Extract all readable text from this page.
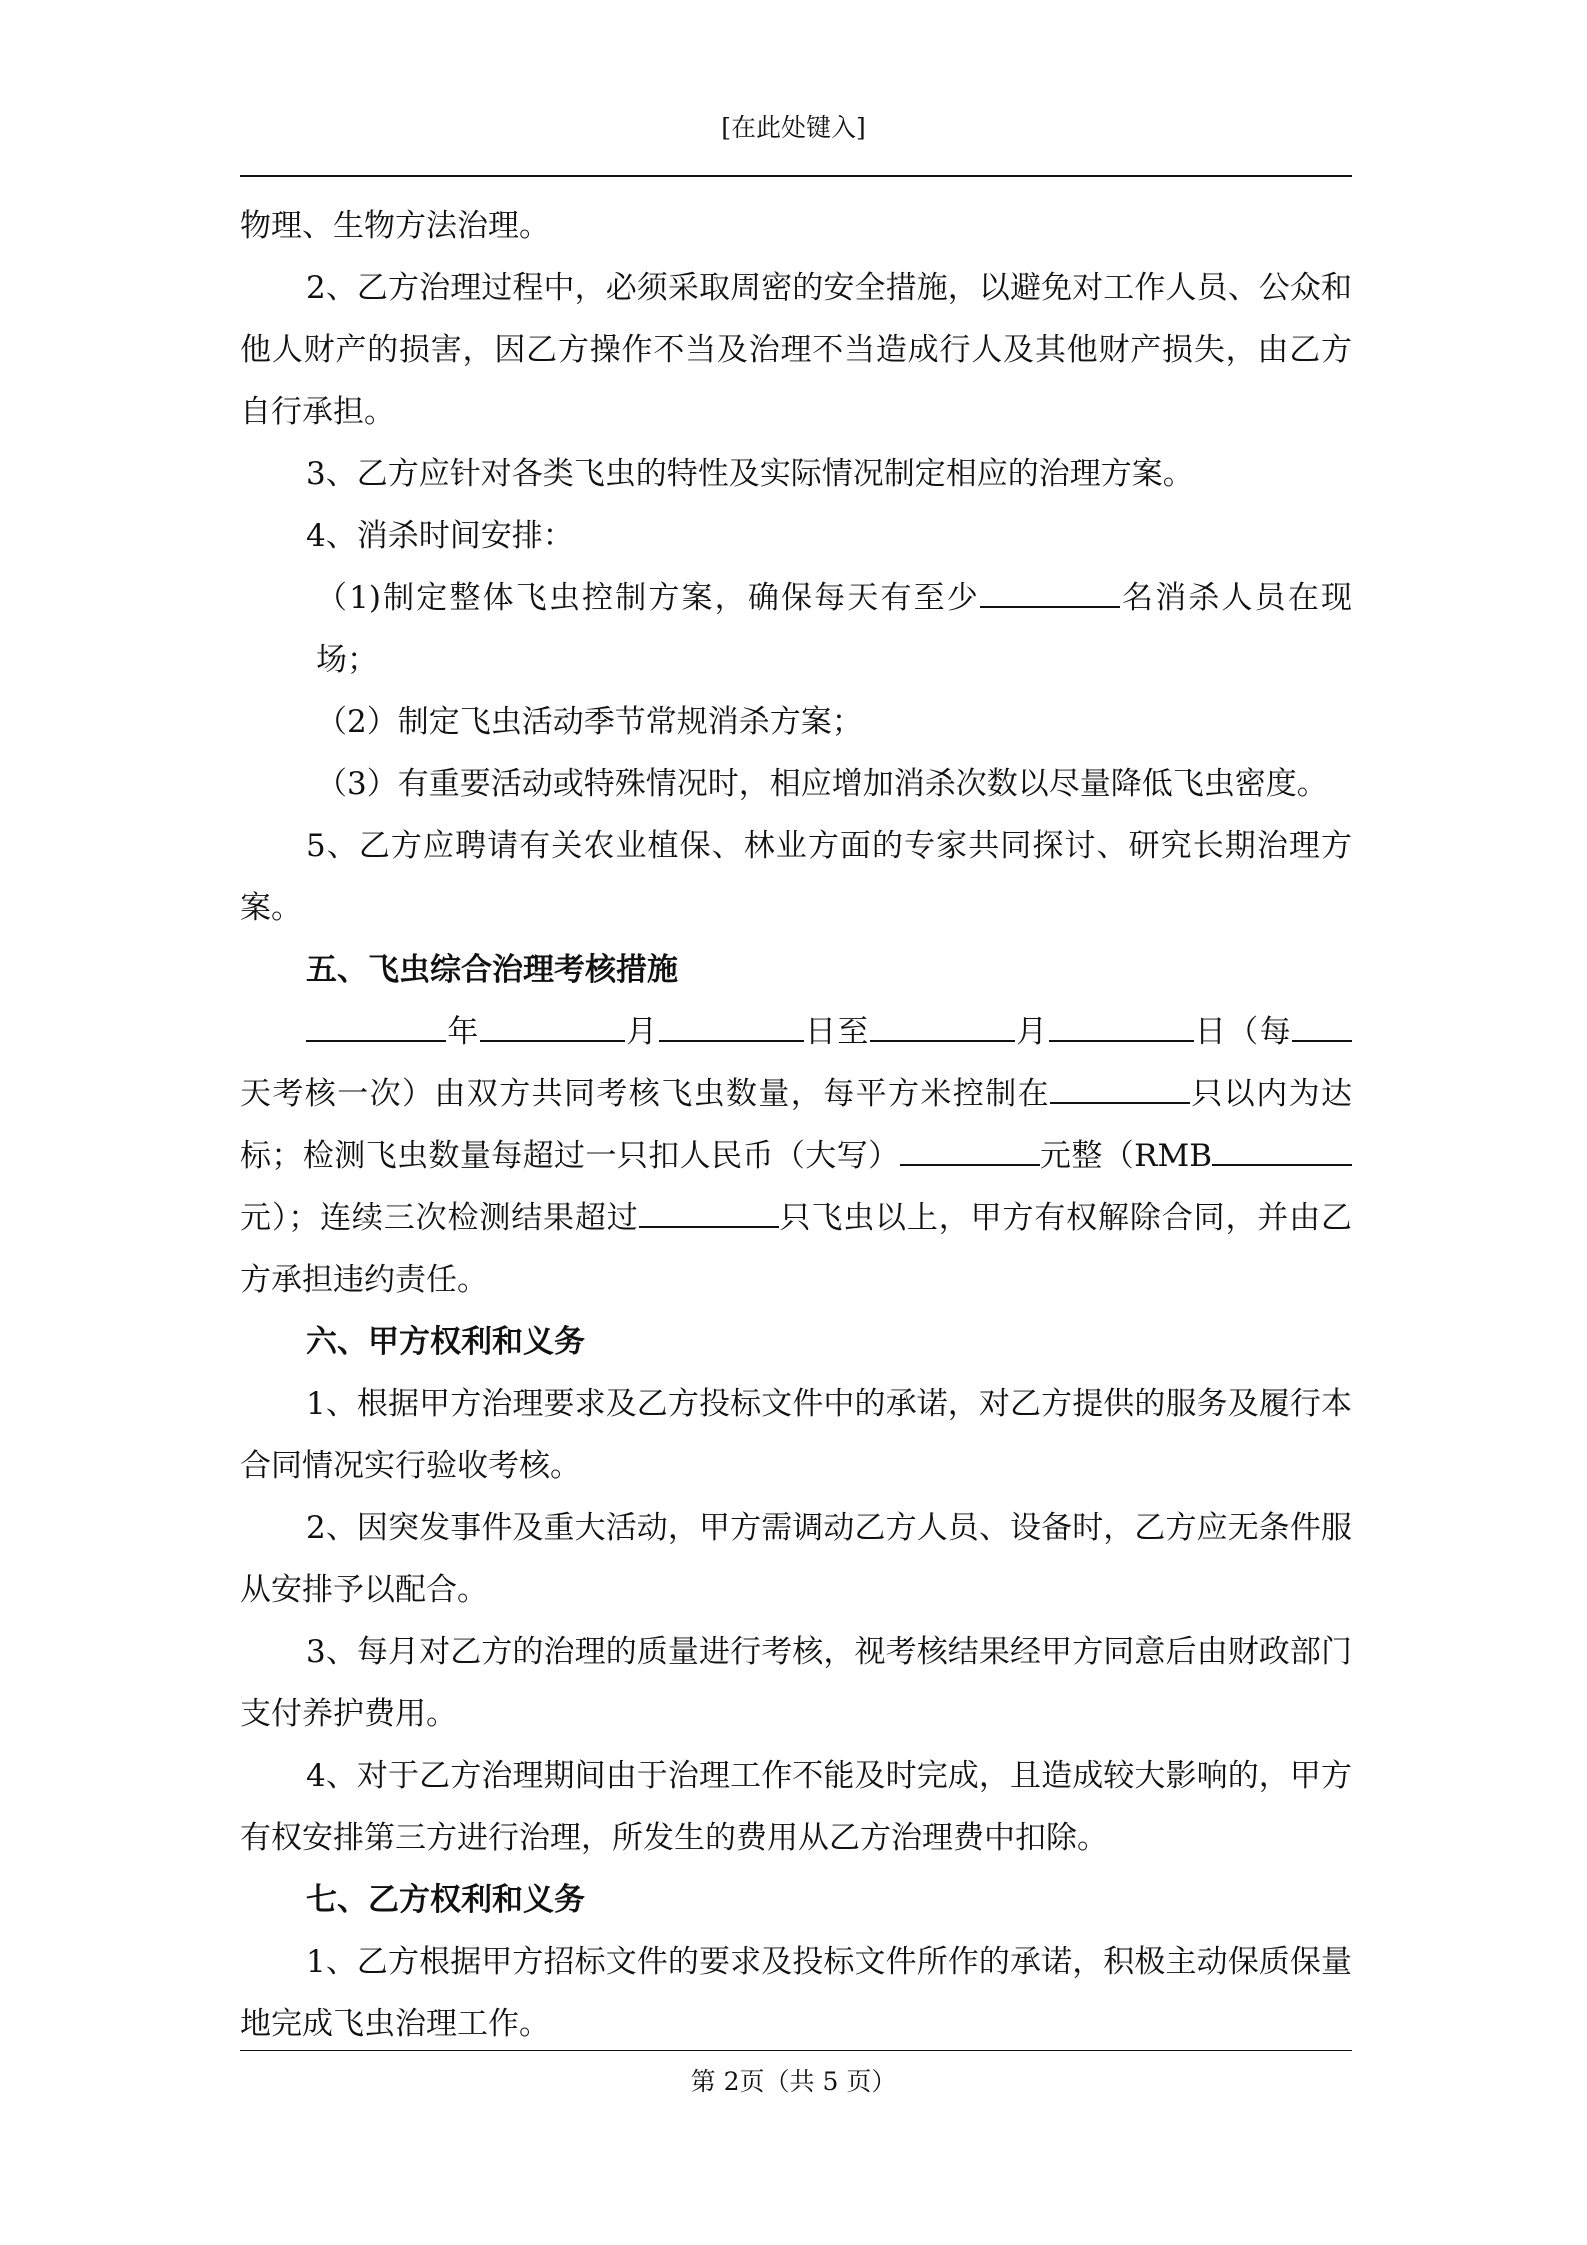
[在此处键入]

物理、生物方法治理。

2、乙方治理过程中，必须采取周密的安全措施，以避免对工作人员、公众和他人财产的损害，因乙方操作不当及治理不当造成行人及其他财产损失，由乙方自行承担。

3、乙方应针对各类飞虫的特性及实际情况制定相应的治理方案。

4、消杀时间安排：

（1)制定整体飞虫控制方案，确保每天有至少	名消杀人员在现场；

（2）制定飞虫活动季节常规消杀方案；

（3）有重要活动或特殊情况时，相应增加消杀次数以尽量降低飞虫密度。

5、乙方应聘请有关农业植保、林业方面的专家共同探讨、研究长期治理方案。

五、飞虫综合治理考核措施

年	月	日至	月	日（每天考核一次）由双方共同考核飞虫数量，每平方米控制在	只以内为达标；检测飞虫数量每超过一只扣人民币（大写）	元整（RMB元）；连续三次检测结果超过	只飞虫以上，甲方有权解除合同，并由乙方承担违约责任。

六、甲方权利和义务

1、根据甲方治理要求及乙方投标文件中的承诺，对乙方提供的服务及履行本合同情况实行验收考核。

2、因突发事件及重大活动，甲方需调动乙方人员、设备时，乙方应无条件服从安排予以配合。

3、每月对乙方的治理的质量进行考核，视考核结果经甲方同意后由财政部门支付养护费用。

4、对于乙方治理期间由于治理工作不能及时完成，且造成较大影响的，甲方有权安排第三方进行治理，所发生的费用从乙方治理费中扣除。

七、乙方权利和义务

1、乙方根据甲方招标文件的要求及投标文件所作的承诺，积极主动保质保量地完成飞虫治理工作。

第 2页（共 5 页）
